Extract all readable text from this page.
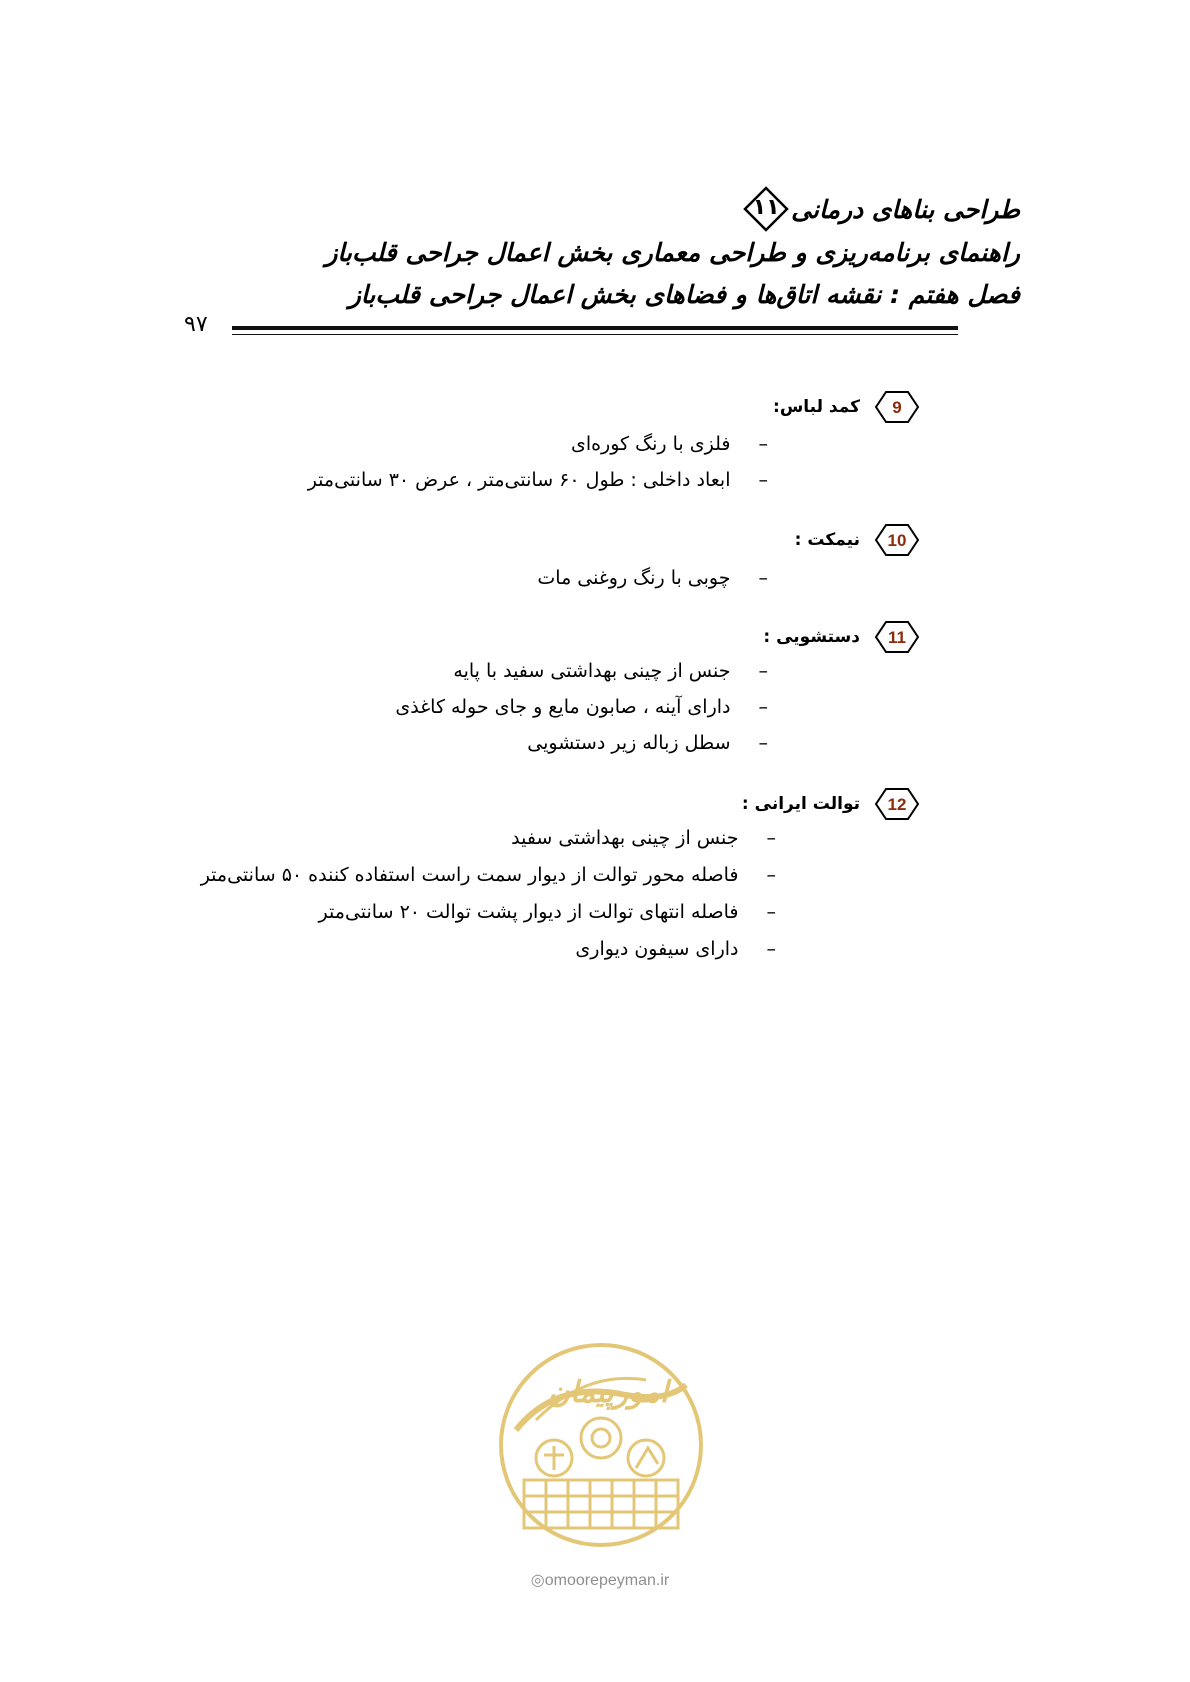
طراحی بناهای درمانی
۱۱
راهنمای برنامه‌ریزی و طراحی معماری بخش اعمال جراحی قلب‌باز
فصل هفتم : نقشه اتاق‌ها و فضاهای بخش اعمال جراحی قلب‌باز
۹۷
9
کمد لباس:
–
فلزی با رنگ کوره‌ای
–
ابعاد داخلی : طول ۶۰ سانتی‌متر ، عرض ۳۰ سانتی‌متر
10
نیمکت :
–
چوبی با رنگ روغنی مات
11
دستشویی :
–
جنس از چینی بهداشتی سفید با پایه
–
دارای آینه ، صابون مایع و جای حوله کاغذی
–
سطل زباله زیر دستشویی
12
توالت ایرانی :
–
جنس از چینی بهداشتی سفید
–
فاصله محور توالت از دیوار سمت راست استفاده کننده ۵۰ سانتی‌متر
–
فاصله انتهای توالت از دیوار پشت توالت ۲۰ سانتی‌متر
–
دارای سیفون دیواری
امورپیمان
◎omoorepeyman.ir
